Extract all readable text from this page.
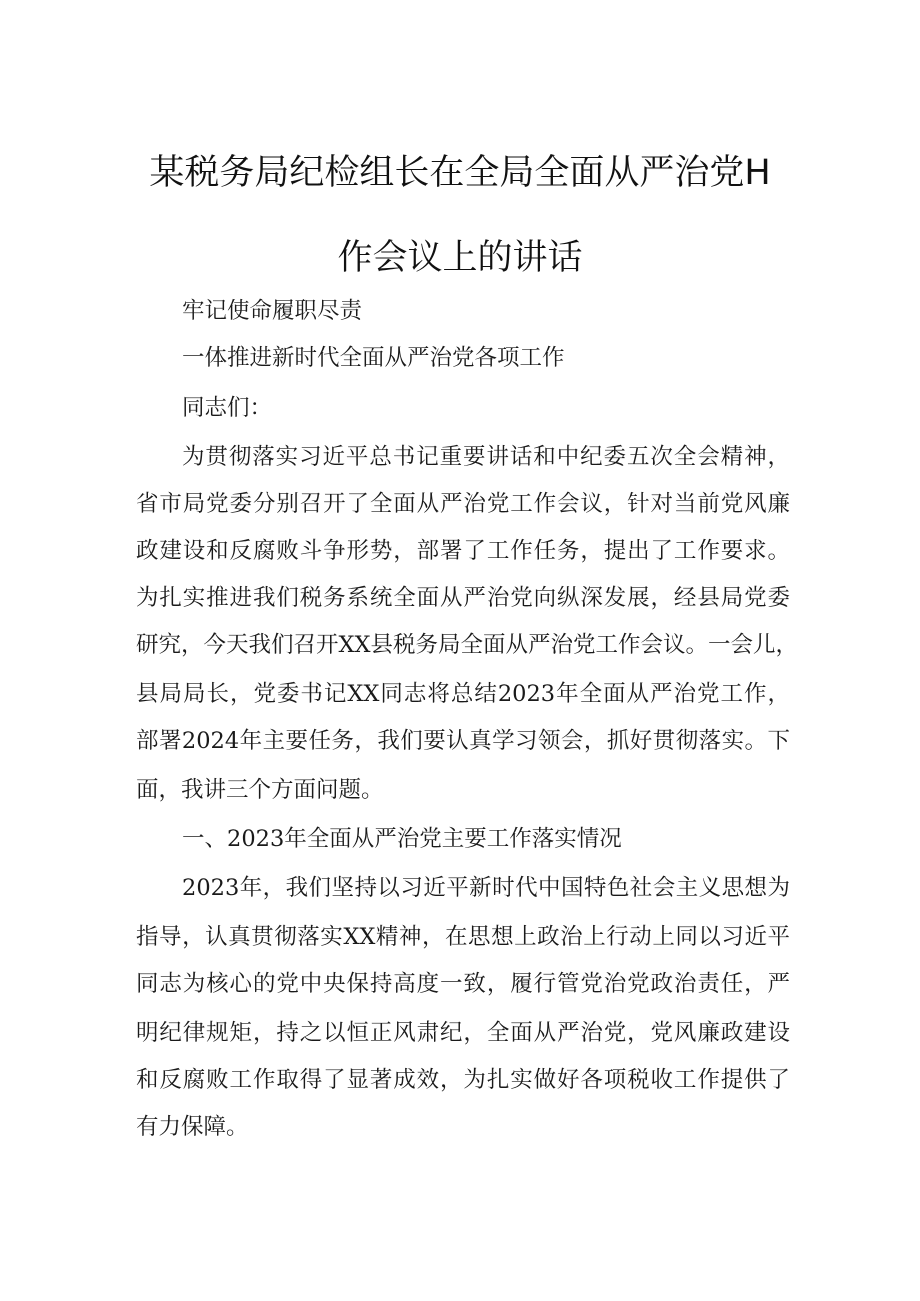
某税务局纪检组长在全局全面从严治党H
作会议上的讲话
牢记使命履职尽责
一体推进新时代全面从严治党各项工作
同志们：
为贯彻落实习近平总书记重要讲话和中纪委五次全会精神，
省市局党委分别召开了全面从严治党工作会议，针对当前党风廉
政建设和反腐败斗争形势，部署了工作任务，提出了工作要求。
为扎实推进我们税务系统全面从严治党向纵深发展，经县局党委
研究，今天我们召开XX县税务局全面从严治党工作会议。一会儿，
县局局长，党委书记XX同志将总结2023年全面从严治党工作，
部署2024年主要任务，我们要认真学习领会，抓好贯彻落实。下
面，我讲三个方面问题。
一、2023年全面从严治党主要工作落实情况
2023年，我们坚持以习近平新时代中国特色社会主义思想为
指导，认真贯彻落实XX精神，在思想上政治上行动上同以习近平
同志为核心的党中央保持高度一致，履行管党治党政治责任，严
明纪律规矩，持之以恒正风肃纪，全面从严治党，党风廉政建设
和反腐败工作取得了显著成效，为扎实做好各项税收工作提供了
有力保障。
